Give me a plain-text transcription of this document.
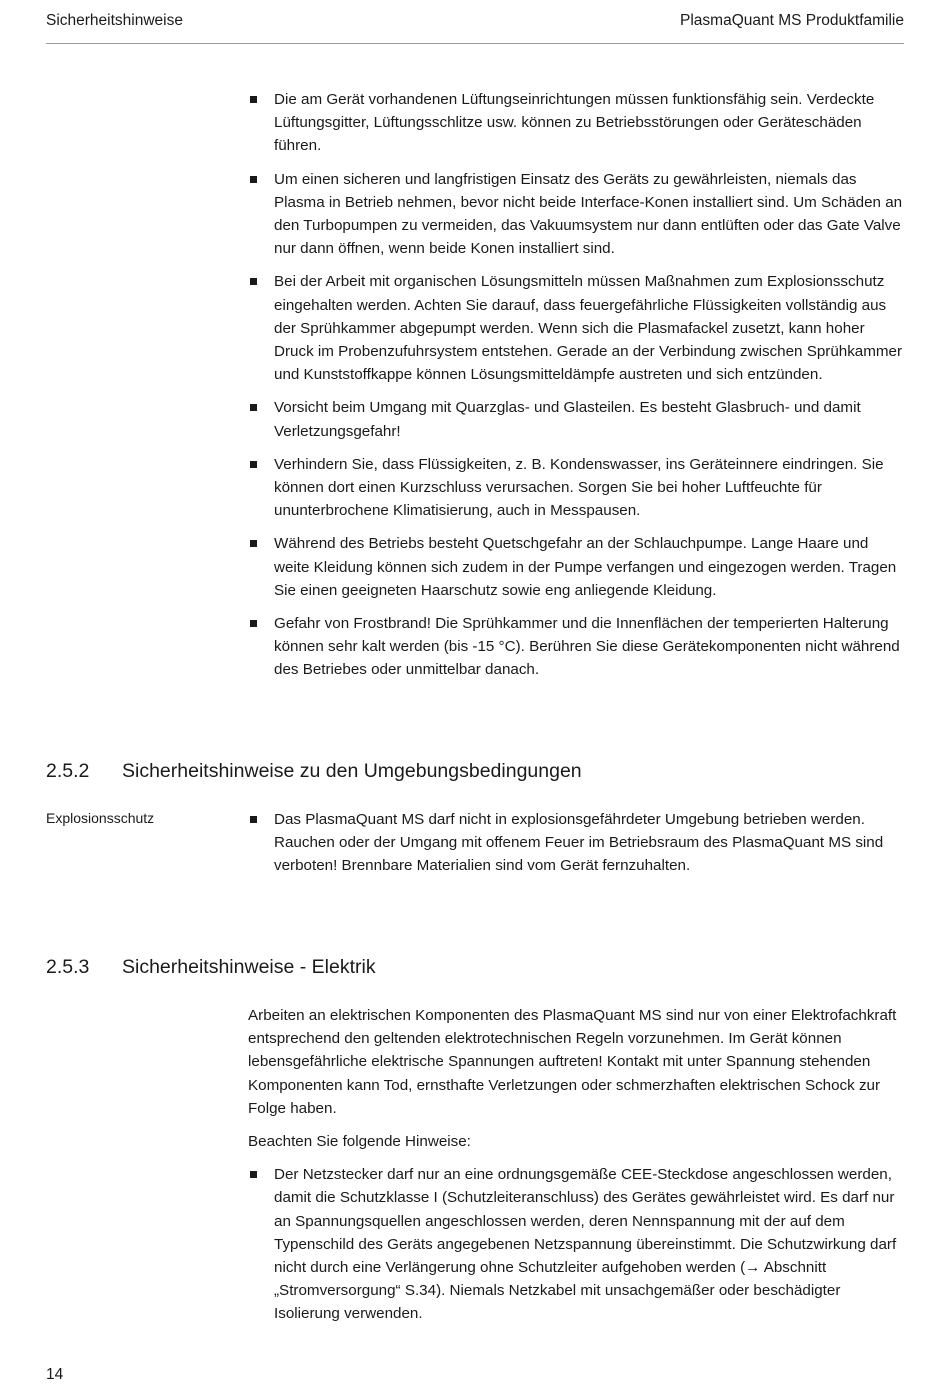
Sicherheitshinweise	PlasmaQuant MS Produktfamilie
Die am Gerät vorhandenen Lüftungseinrichtungen müssen funktionsfähig sein. Verdeckte Lüftungsgitter, Lüftungsschlitze usw. können zu Betriebsstörungen oder Geräteschäden führen.
Um einen sicheren und langfristigen Einsatz des Geräts zu gewährleisten, niemals das Plasma in Betrieb nehmen, bevor nicht beide Interface-Konen installiert sind. Um Schäden an den Turbopumpen zu vermeiden, das Vakuumsystem nur dann entlüften oder das Gate Valve nur dann öffnen, wenn beide Konen installiert sind.
Bei der Arbeit mit organischen Lösungsmitteln müssen Maßnahmen zum Explosionsschutz eingehalten werden. Achten Sie darauf, dass feuergefährliche Flüssigkeiten vollständig aus der Sprühkammer abgepumpt werden. Wenn sich die Plasmafackel zusetzt, kann hoher Druck im Probenzufuhrsystem entstehen. Gerade an der Verbindung zwischen Sprühkammer und Kunststoffkappe können Lösungsmitteldämpfe austreten und sich entzünden.
Vorsicht beim Umgang mit Quarzglas- und Glasteilen. Es besteht Glasbruch- und damit Verletzungsgefahr!
Verhindern Sie, dass Flüssigkeiten, z. B. Kondenswasser, ins Geräteinnere eindringen. Sie können dort einen Kurzschluss verursachen. Sorgen Sie bei hoher Luftfeuchte für ununterbrochene Klimatisierung, auch in Messpausen.
Während des Betriebs besteht Quetschgefahr an der Schlauchpumpe. Lange Haare und weite Kleidung können sich zudem in der Pumpe verfangen und eingezogen werden. Tragen Sie einen geeigneten Haarschutz sowie eng anliegende Kleidung.
Gefahr von Frostbrand! Die Sprühkammer und die Innenflächen der temperierten Halterung können sehr kalt werden (bis -15 °C). Berühren Sie diese Gerätekomponenten nicht während des Betriebes oder unmittelbar danach.
2.5.2 Sicherheitshinweise zu den Umgebungsbedingungen
Explosionsschutz	Das PlasmaQuant MS darf nicht in explosionsgefährdeter Umgebung betrieben werden. Rauchen oder der Umgang mit offenem Feuer im Betriebsraum des PlasmaQuant MS sind verboten! Brennbare Materialien sind vom Gerät fernzuhalten.
2.5.3 Sicherheitshinweise - Elektrik

Arbeiten an elektrischen Komponenten des PlasmaQuant MS sind nur von einer Elektrofachkraft entsprechend den geltenden elektrotechnischen Regeln vorzunehmen. Im Gerät können lebensgefährliche elektrische Spannungen auftreten! Kontakt mit unter Spannung stehenden Komponenten kann Tod, ernsthafte Verletzungen oder schmerzhaften elektrischen Schock zur Folge haben.

Beachten Sie folgende Hinweise:

Der Netzstecker darf nur an eine ordnungsgemäße CEE-Steckdose angeschlossen werden, damit die Schutzklasse I (Schutzleiteranschluss) des Gerätes gewährleistet wird. Es darf nur an Spannungsquellen angeschlossen werden, deren Nennspannung mit der auf dem Typenschild des Geräts angegebenen Netzspannung übereinstimmt. Die Schutzwirkung darf nicht durch eine Verlängerung ohne Schutzleiter aufgehoben werden (→ Abschnitt „Stromversorgung“ S.34). Niemals Netzkabel mit unsachgemäßer oder beschädigter Isolierung verwenden.
14
